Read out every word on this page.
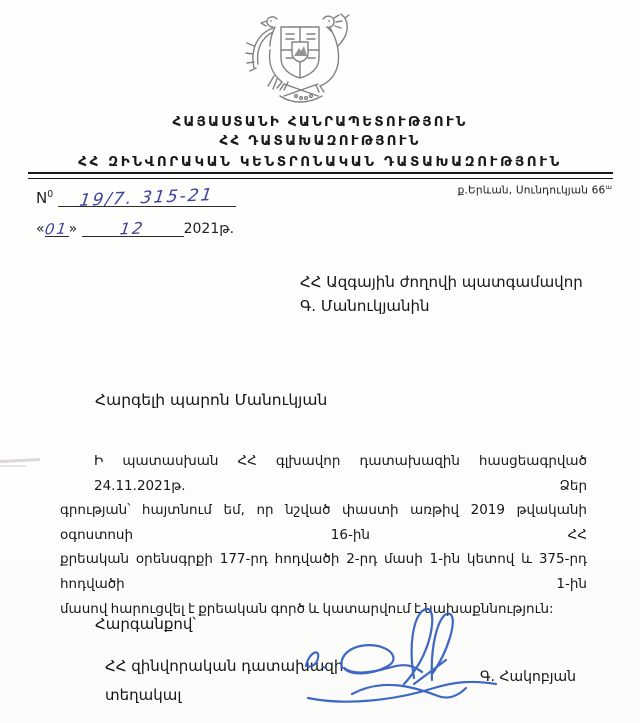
ՀԱՅԱՍՏԱՆԻ ՀԱՆՐԱՊԵՏՈՒԹՅՈՒՆ
ՀՀ ԴԱՏԱԽԱԶՈՒԹՅՈՒՆ
ՀՀ ԶԻՆՎՈՐԱԿԱՆ ԿԵՆՏՐՈՆԱԿԱՆ ԴԱՏԱԽԱԶՈՒԹՅՈՒՆ
$N^0$ 19/7. 315-21	ք.Երևան, Սունդուկյան $66^ա$
«01»	12	2021թ.
ՀՀ Ազգային ժողովի պատգամավոր
Գ. Մանուկյանին
Հարգելի պարոն Մանուկյան
Ի պատասխան ՀՀ գլխավոր դատախազին հասցեագրված 24.11.2021թ. Ձեր
գրության՝ հայտնում եմ, որ նշված փաստի առթիվ 2019 թվականի օգոստոսի 16-ին ՀՀ
քրեական օրենսգրքի 177-րդ հոդվածի 2-րդ մասի 1-ին կետով և 375-րդ հոդվածի 1-ին
մասով հարուցվել է քրեական գործ և կատարվում է նախաքննություն:
Հարգանքով՝
ՀՀ զինվորական դատախազի
տեղակալ
Գ. Հակոբյան
